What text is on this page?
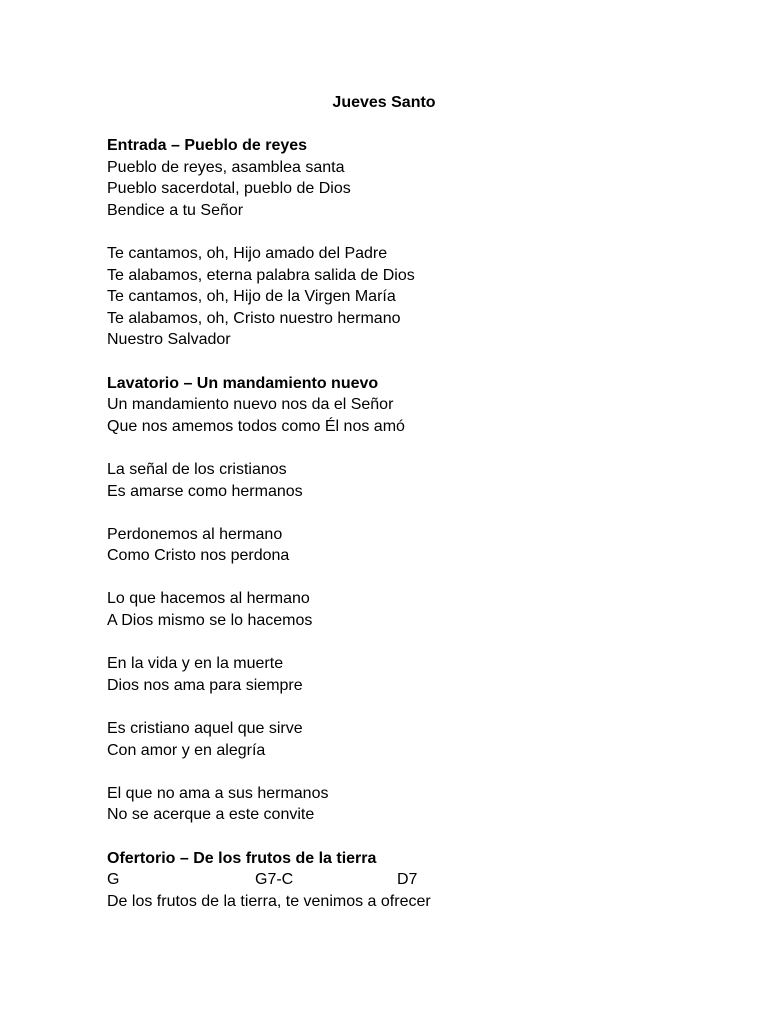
Jueves Santo

Entrada – Pueblo de reyes

Pueblo de reyes, asamblea santa

Pueblo sacerdotal, pueblo de Dios

Bendice a tu Señor

Te cantamos, oh, Hijo amado del Padre

Te alabamos, eterna palabra salida de Dios

Te cantamos, oh, Hijo de la Virgen María

Te alabamos, oh, Cristo nuestro hermano

Nuestro Salvador

Lavatorio – Un mandamiento nuevo

Un mandamiento nuevo nos da el Señor

Que nos amemos todos como Él nos amó

La señal de los cristianos

Es amarse como hermanos

Perdonemos al hermano

Como Cristo nos perdona

Lo que hacemos al hermano

A Dios mismo se lo hacemos

En la vida y en la muerte

Dios nos ama para siempre

Es cristiano aquel que sirve

Con amor y en alegría

El que no ama a sus hermanos

No se acerque a este convite

Ofertorio – De los frutos de la tierra

G	G7-C	D7

De los frutos de la tierra, te venimos a ofrecer
